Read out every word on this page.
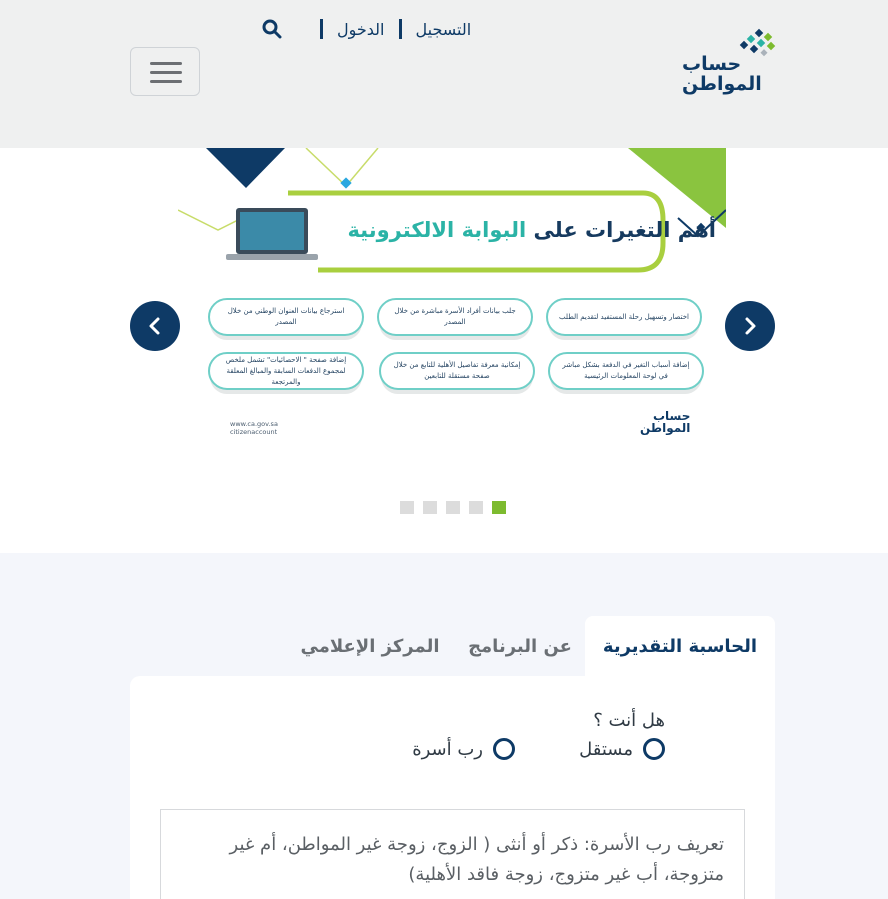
حساب
المواطن
الدخول التسجيل
أهم التغيرات على البوابة الالكترونية
اختصار وتسهيل رحلة المستفيد لتقديم الطلب
جلب بيانات أفراد الأسرة مباشرة من خلال المصدر
استرجاع بيانات العنوان الوطني من خلال المصدر
إضافة أسباب التغير في الدفعة بشكل مباشر في لوحة المعلومات الرئيسية
إمكانية معرفة تفاصيل الأهلية للتابع من خلال صفحة مستقلة للتابعين
إضافة صفحة " الاحصائيات" تشمل ملخص لمجموع الدفعات السابقة والمبالغ المعلقة والمرتجعة
www.ca.gov.sa
citizenaccount
حساب
المواطن
الحاسبة التقديرية
عن البرنامج
المركز الإعلامي
هل أنت ؟
مستقل
رب أسرة
تعريف رب الأسرة: ذكر أو أنثى ( الزوج، زوجة غير المواطن، أم غير متزوجة، أب غير متزوج، زوجة فاقد الأهلية)
